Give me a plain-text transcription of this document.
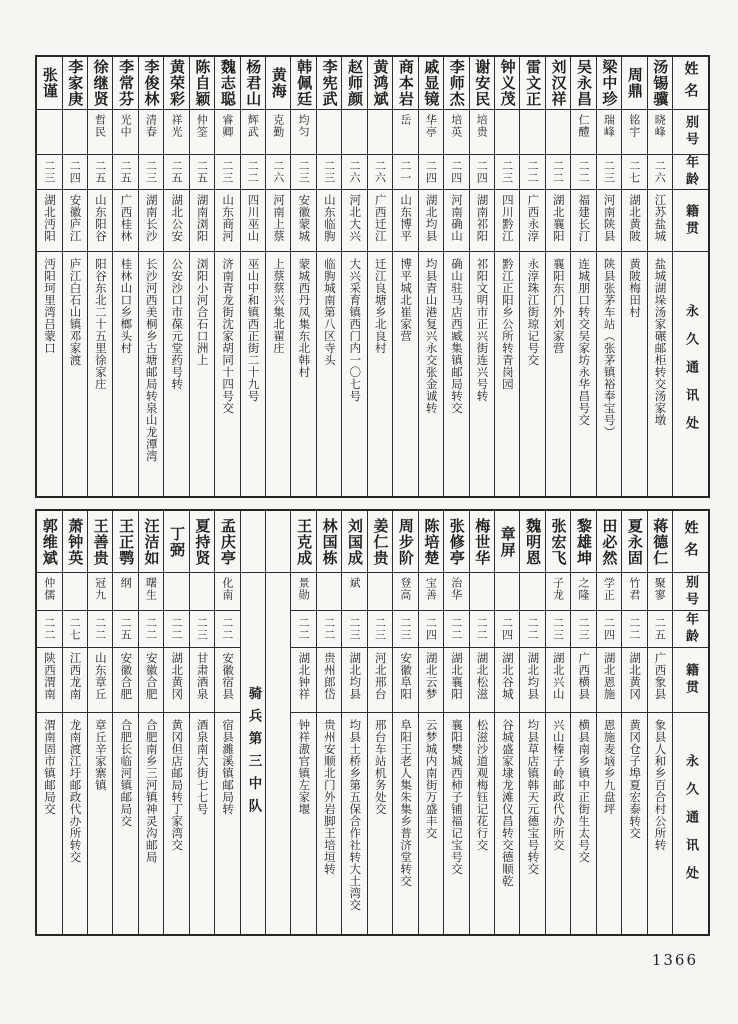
姓名
别号
年龄
籍贯
永久通讯处
汤锡骥
晓峰
二六
江苏盐城
盐城湖垛汤家碾邮柜转交汤家墩
周鼎
铭宇
二七
湖北黄陂
黄陂梅田村
梁中珍
瑞峰
二三
河南陕县
陕县张茅车站（张茅镇裕奉宝号）
吴永昌
仁醴
二二
福建长汀
连城朋口转交吴家坊永华昌号交
刘汉祥
二二
湖北襄阳
襄阳东门外刘家营
雷文正
二二
广西永淳
永淳珠江街琼记号交
钟义茂
二三
四川黔江
黔江正阳乡公所转青岗园
谢安民
培贵
二四
湖南祁阳
祁阳文明市正兴街连兴号转
李师杰
培英
二四
河南确山
确山驻马店西臧集镇邮局转交
戚显镜
华亭
二四
湖北均县
均县青山港复兴永交张金诚转
商本岩
岳
二一
山东博平
博平城北崔家营
黄鸿斌
二六
广西迁江
迁江良塘乡北良村
赵师颜
二六
河北大兴
大兴采育镇西门内一〇七号
李宪武
二三
山东临朐
临朐城南第八区寺头
韩佩廷
均匀
二三
安徽蒙城
蒙城西丹凤集东北韩村
黄海
克勤
二六
河南上蔡
上蔡蔡兴集北翟庄
杨君山
辉武
二二
四川巫山
巫山中和镇西正街二十九号
魏志聪
睿卿
二三
山东商河
济南青龙街沈家胡同十四号交
陈自颖
仲筌
二五
湖南浏阳
浏阳小河合石口洲上
黄荣彩
祥光
二五
湖北公安
公安沙口市葆元堂药号转
李俊林
清春
二三
湖南长沙
长沙河西美桐乡古塘邮局转泉山龙潭湾
李常芬
光中
二五
广西桂林
桂林山口乡榔头村
徐继贤
哲民
二五
山东阳谷
阳谷东北二十五里徐家庄
李家庚
二四
安徽庐江
庐江白石山镇邓家渡
张谨
二三
湖北沔阳
沔阳珂里湾吕蒙口
姓名
别号
年龄
籍贯
永久通讯处
蒋德仁
聚寥
二五
广西象县
象县人和乡百合村公所转
夏永固
竹君
二二
湖北黄冈
黄冈仓子埠夏宏泰转交
田必然
学正
二四
湖北恩施
恩施麦垴乡九盘坪
黎雄坤
之隆
二三
广西横县
横县南乡镇中正街生太号交
张宏飞
子龙
二三
湖北兴山
兴山榛子岭邮政代办所交
魏明恩
二二
湖北均县
均县草店镇韩天元德宝号转交
章屏
二四
湖北谷城
谷城盛家埭龙滩仪昌转交德顺乾
梅世华
二二
湖北松滋
松滋沙道观梅钰记花行交
张修亭
治华
二二
湖北襄阳
襄阳樊城西柿子铺福记宝号交
陈培楚
宝善
二四
湖北云梦
云梦城内南街万盛丰交
周步阶
登高
二三
安徽阜阳
阜阳王老人集朱集乡普济堂转交
姜仁贵
二三
河北邢台
邢台车站机务处交
刘国成
斌
二三
湖北均县
均县土桥乡第五保合作社转大土湾交
林国栋
二二
贵州郎岱
贵州安顺北门外岩脚王培垣转
王克成
景勋
二二
湖北钟祥
钟祥滶官镇左家堰
骑兵第三中队
孟庆亭
化南
二二
安徽宿县
宿县濉溪镇邮局转
夏持贤
二三
甘肃酒泉
酒泉南大街七七号
丁弼
二二
湖北黄冈
黄冈但店邮局转丁家湾交
汪洁如
曙生
二二
安徽合肥
合肥南乡三河镇神灵沟邮局
王正鹗
纲
二五
安徽合肥
合肥长临河镇邮局交
王善贵
冠九
二二
山东章丘
章丘辛家寨镇
萧钟英
二七
江西龙南
龙南渡江圩邮政代办所转交
郭维斌
仲儒
二二
陕西渭南
渭南固市镇邮局交
1366
